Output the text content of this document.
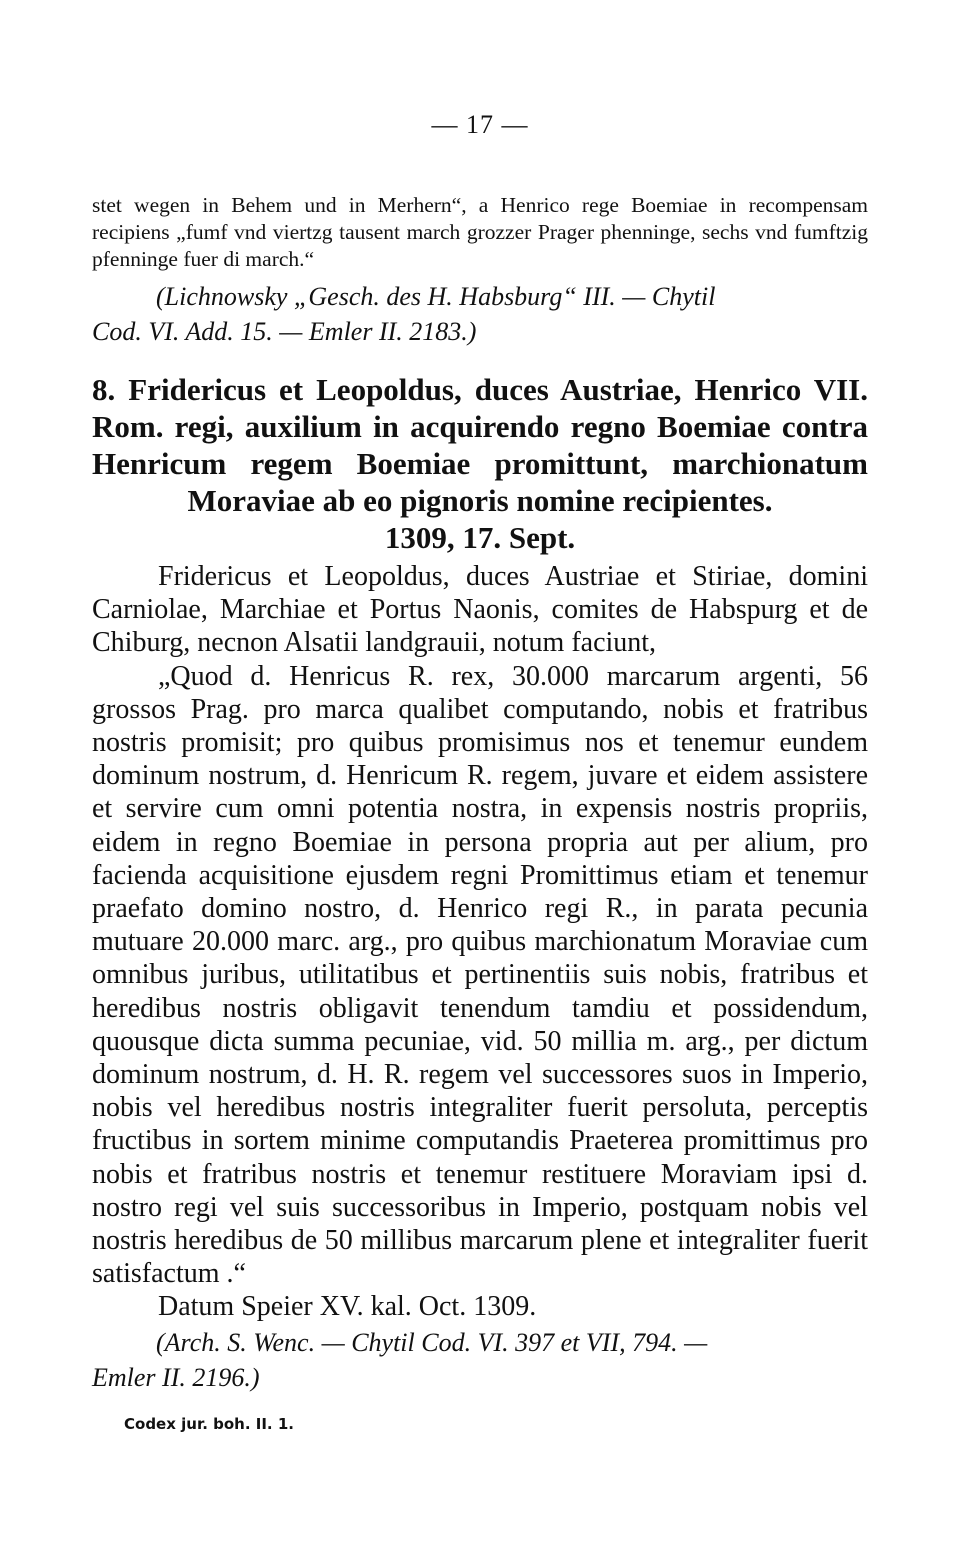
— 17 —

stet wegen in Behem und in Merhern“, a Henrico rege Boemiae in recompensam recipiens „fumf vnd viertzg tausent march grozzer Prager phenninge, sechs vnd fumftzig pfenninge fuer di march.“

(Lichnowsky „Gesch. des H. Habsburg“ III. — Chytil

Cod. VI. Add. 15. — Emler II. 2183.)

8. Fridericus et Leopoldus, duces Austriae, Henrico VII. Rom. regi, auxilium in acquirendo regno Boemiae contra Henricum regem Boemiae promittunt, marchionatum Moraviae ab eo pignoris nomine recipientes.

1309, 17. Sept.

Fridericus et Leopoldus, duces Austriae et Stiriae, domini Carniolae, Marchiae et Portus Naonis, comites de Habspurg et de Chiburg, necnon Alsatii landgrauii, notum faciunt,

„Quod d. Henricus R. rex, 30.000 marcarum argenti, 56 grossos Prag. pro marca qualibet computando, nobis et fratribus nostris promisit; pro quibus promisimus nos et tenemur eundem dominum nostrum, d. Henricum R. regem, juvare et eidem assistere et servire cum omni potentia nostra, in expensis nostris propriis, eidem in regno Boemiae in persona propria aut per alium, pro facienda acquisitione ejusdem regni Promittimus etiam et tenemur praefato domino nostro, d. Henrico regi R., in parata pecunia mutuare 20.000 marc. arg., pro quibus marchionatum Moraviae cum omnibus juribus, utilitatibus et pertinentiis suis nobis, fratribus et heredibus nostris obligavit tenendum tamdiu et possidendum, quousque dicta summa pecuniae, vid. 50 millia m. arg., per dictum dominum nostrum, d. H. R. regem vel successores suos in Imperio, nobis vel heredibus nostris integraliter fuerit persoluta, perceptis fructibus in sortem minime computandis Praeterea promittimus pro nobis et fratribus nostris et tenemur restituere Moraviam ipsi d. nostro regi vel suis successoribus in Imperio, postquam nobis vel nostris heredibus de 50 millibus marcarum plene et integraliter fuerit satisfactum .“

Datum Speier XV. kal. Oct. 1309.

(Arch. S. Wenc. — Chytil Cod. VI. 397 et VII, 794. —

Emler II. 2196.)

Codex jur. boh. II. 1.
